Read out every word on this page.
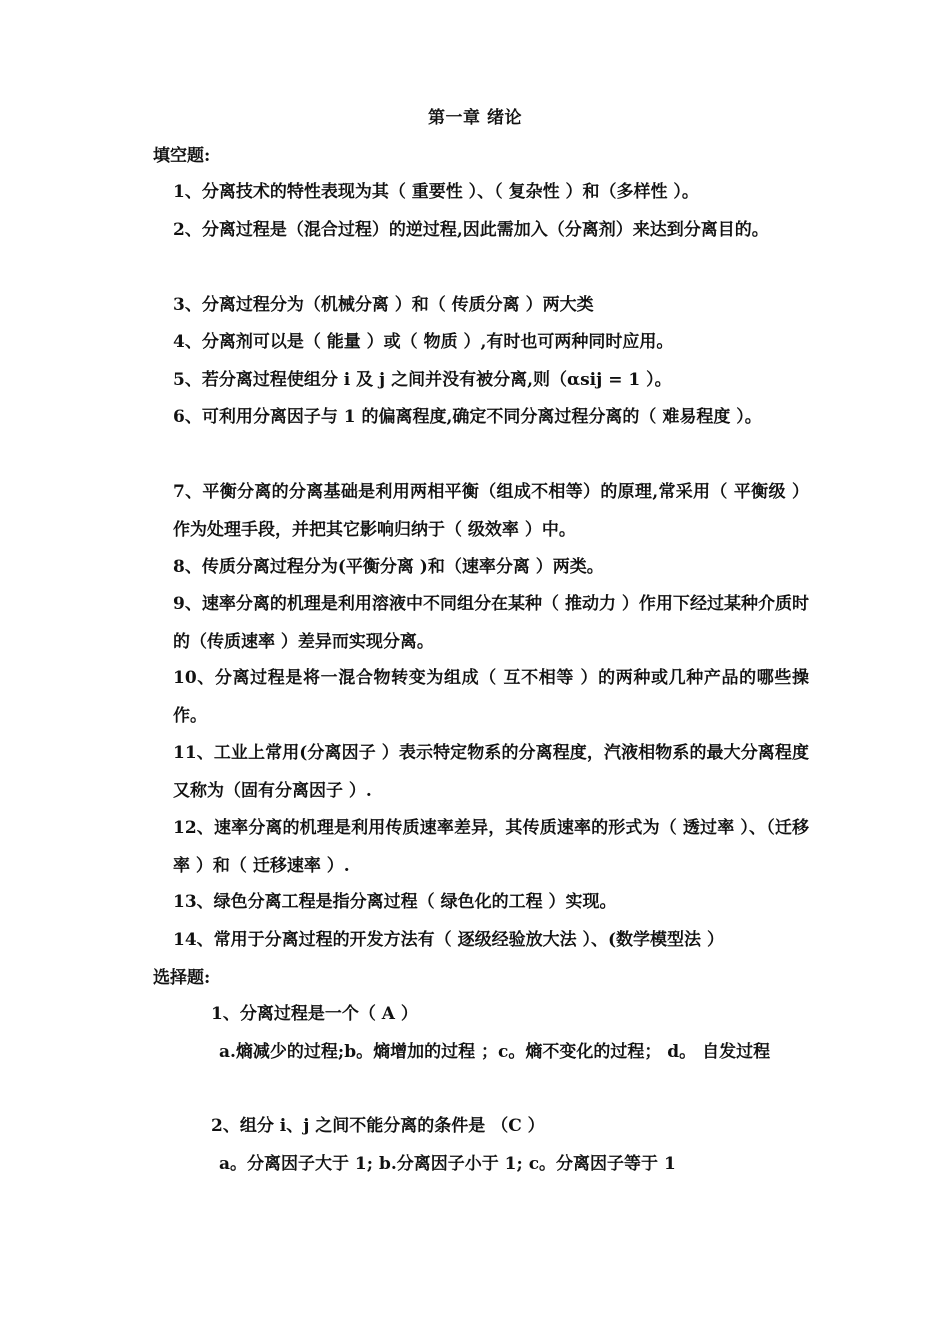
第一章 绪论
填空题:
1、分离技术的特性表现为其（ 重要性 ）、（ 复杂性 ）和（多样性 ）。
2、分离过程是（混合过程）的逆过程,因此需加入（分离剂）来达到分离目的。
3、分离过程分为（机械分离 ）和（ 传质分离 ）两大类
4、分离剂可以是（ 能量 ）或（ 物质 ）,有时也可两种同时应用。
5、若分离过程使组分 i 及 j 之间并没有被分离,则（αsij = 1 ）。
6、可利用分离因子与 1 的偏离程度,确定不同分离过程分离的（ 难易程度 ）。
7、平衡分离的分离基础是利用两相平衡（组成不相等）的原理,常采用（ 平衡级 ）作为处理手段，并把其它影响归纳于（ 级效率 ）中。
8、传质分离过程分为(平衡分离 )和（速率分离 ）两类。
9、速率分离的机理是利用溶液中不同组分在某种（ 推动力 ）作用下经过某种介质时的（传质速率 ）差异而实现分离。
10、分离过程是将一混合物转变为组成（ 互不相等 ）的两种或几种产品的哪些操作。
11、工业上常用(分离因子 ）表示特定物系的分离程度，汽液相物系的最大分离程度又称为（固有分离因子 ）.
12、速率分离的机理是利用传质速率差异，其传质速率的形式为（ 透过率 ）、（迁移率 ）和（ 迁移速率 ）.
13、绿色分离工程是指分离过程（ 绿色化的工程 ）实现。
14、常用于分离过程的开发方法有（ 逐级经验放大法 ）、(数学模型法 ）
选择题:
1、分离过程是一个（ A ）
a.熵减少的过程;b。熵增加的过程 ；c。熵不变化的过程； d。 自发过程
2、组分 i、j 之间不能分离的条件是 （C ）
a。分离因子大于 1; b.分离因子小于 1; c。分离因子等于 1
